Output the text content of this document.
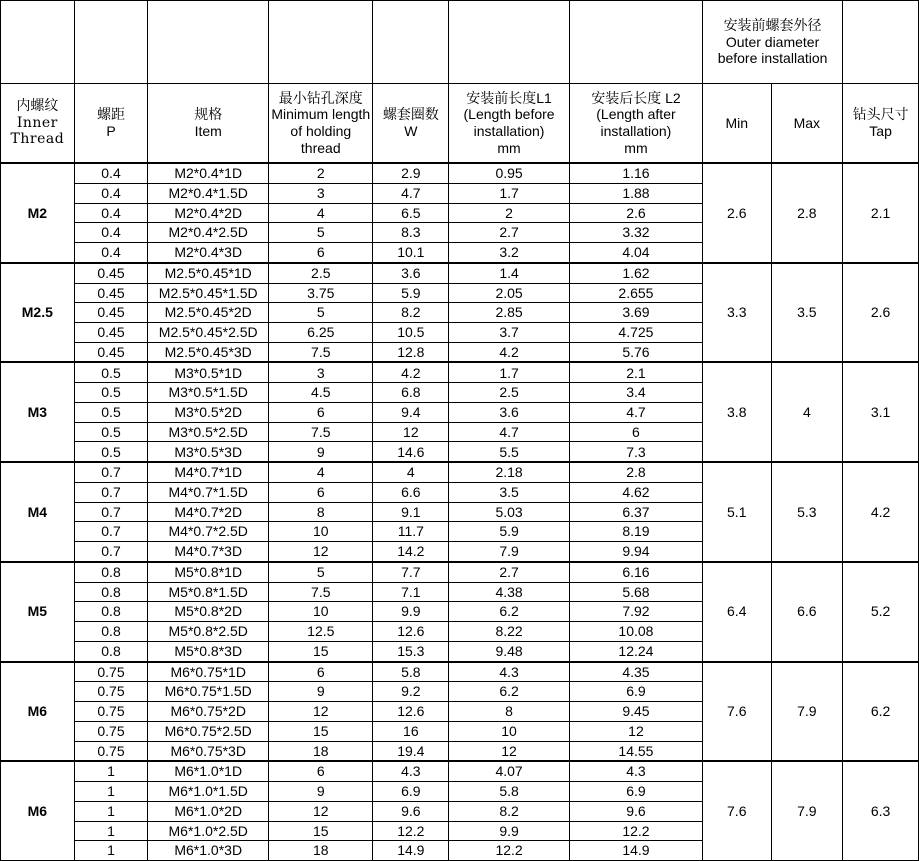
							安装前螺套外径
Outer diameter
before installation		

内螺纹
Inner
Thread	螺距
P	规格
Item	最小钻孔深度
Minimum length
of holding
thread	螺套圈数
W	安装前长度L1
(Length before
installation)
mm	安装后长度 L2
(Length after
installation)
mm	Min	Max	钻头尺寸
Tap

M2	0.4	M2*0.4*1D	2	2.9	0.95	1.16	2.6	2.8	2.1
	0.4	M2*0.4*1.5D	3	4.7	1.7	1.88			
	0.4	M2*0.4*2D	4	6.5	2	2.6			
	0.4	M2*0.4*2.5D	5	8.3	2.7	3.32			
	0.4	M2*0.4*3D	6	10.1	3.2	4.04			
M2.5	0.45	M2.5*0.45*1D	2.5	3.6	1.4	1.62	3.3	3.5	2.6
	0.45	M2.5*0.45*1.5D	3.75	5.9	2.05	2.655			
	0.45	M2.5*0.45*2D	5	8.2	2.85	3.69			
	0.45	M2.5*0.45*2.5D	6.25	10.5	3.7	4.725			
	0.45	M2.5*0.45*3D	7.5	12.8	4.2	5.76			
M3	0.5	M3*0.5*1D	3	4.2	1.7	2.1	3.8	4	3.1
	0.5	M3*0.5*1.5D	4.5	6.8	2.5	3.4			
	0.5	M3*0.5*2D	6	9.4	3.6	4.7			
	0.5	M3*0.5*2.5D	7.5	12	4.7	6			
	0.5	M3*0.5*3D	9	14.6	5.5	7.3			
M4	0.7	M4*0.7*1D	4	4	2.18	2.8	5.1	5.3	4.2
	0.7	M4*0.7*1.5D	6	6.6	3.5	4.62			
	0.7	M4*0.7*2D	8	9.1	5.03	6.37			
	0.7	M4*0.7*2.5D	10	11.7	5.9	8.19			
	0.7	M4*0.7*3D	12	14.2	7.9	9.94			
M5	0.8	M5*0.8*1D	5	7.7	2.7	6.16	6.4	6.6	5.2
	0.8	M5*0.8*1.5D	7.5	7.1	4.38	5.68			
	0.8	M5*0.8*2D	10	9.9	6.2	7.92			
	0.8	M5*0.8*2.5D	12.5	12.6	8.22	10.08			
	0.8	M5*0.8*3D	15	15.3	9.48	12.24			
M6	0.75	M6*0.75*1D	6	5.8	4.3	4.35	7.6	7.9	6.2
	0.75	M6*0.75*1.5D	9	9.2	6.2	6.9			
	0.75	M6*0.75*2D	12	12.6	8	9.45			
	0.75	M6*0.75*2.5D	15	16	10	12			
	0.75	M6*0.75*3D	18	19.4	12	14.55			
M6	1	M6*1.0*1D	6	4.3	4.07	4.3	7.6	7.9	6.3
	1	M6*1.0*1.5D	9	6.9	5.8	6.9			
	1	M6*1.0*2D	12	9.6	8.2	9.6			
	1	M6*1.0*2.5D	15	12.2	9.9	12.2			
	1	M6*1.0*3D	18	14.9	12.2	14.9			
